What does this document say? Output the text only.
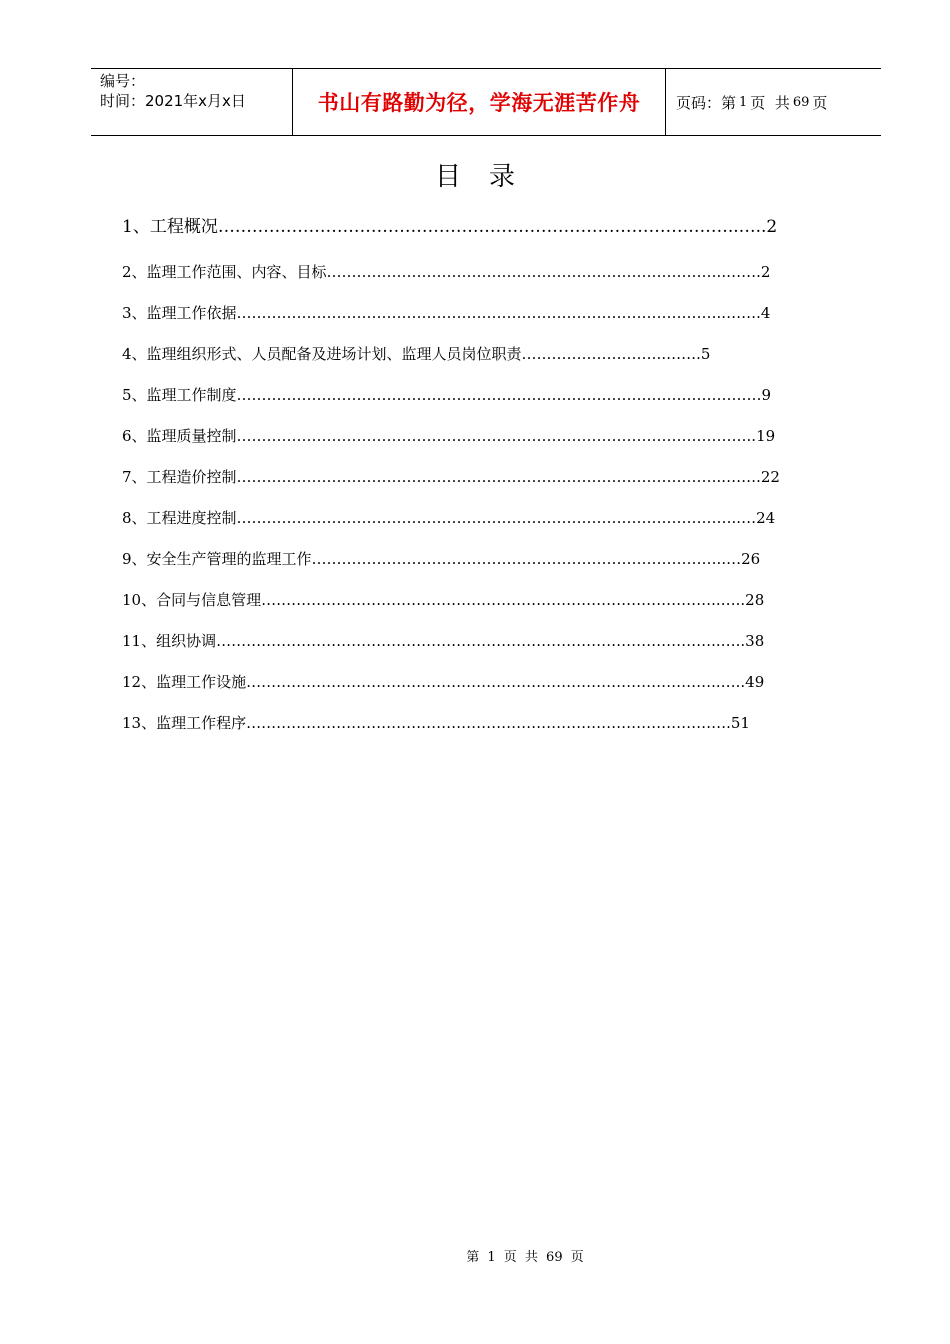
编号：
时间：2021年x月x日	书山有路勤为径，学海无涯苦作舟	页码：第 1 页  共 69 页
目录
1、工程概况………………………………………………………………………………..…..2
2、监理工作范围、内容、目标……………………………………………………………………..…….2
3、监理工作依据……………………………………………………………………………………..…….4
4、监理组织形式、人员配备及进场计划、监理人员岗位职责………………………..…….5
5、监理工作制度……………………………………………………………………………………………9
6、监理质量控制…………………………………………………………………………………………..19
7、工程造价控制……………………………………………………………………………………..…….22
8、工程进度控制………………………………………………………………………………………..…24
9、安全生产管理的监理工作………………………………………………………………………..…26
10、合同与信息管理………………………………………………………………………………..…..28
11、组织协调………………………………………………………………………………………..…..38
12、监理工作设施…………………………………………………………………………………..…..49
13、监理工作程序…………………………………………………………………………………….51
第 1 页 共 69 页
